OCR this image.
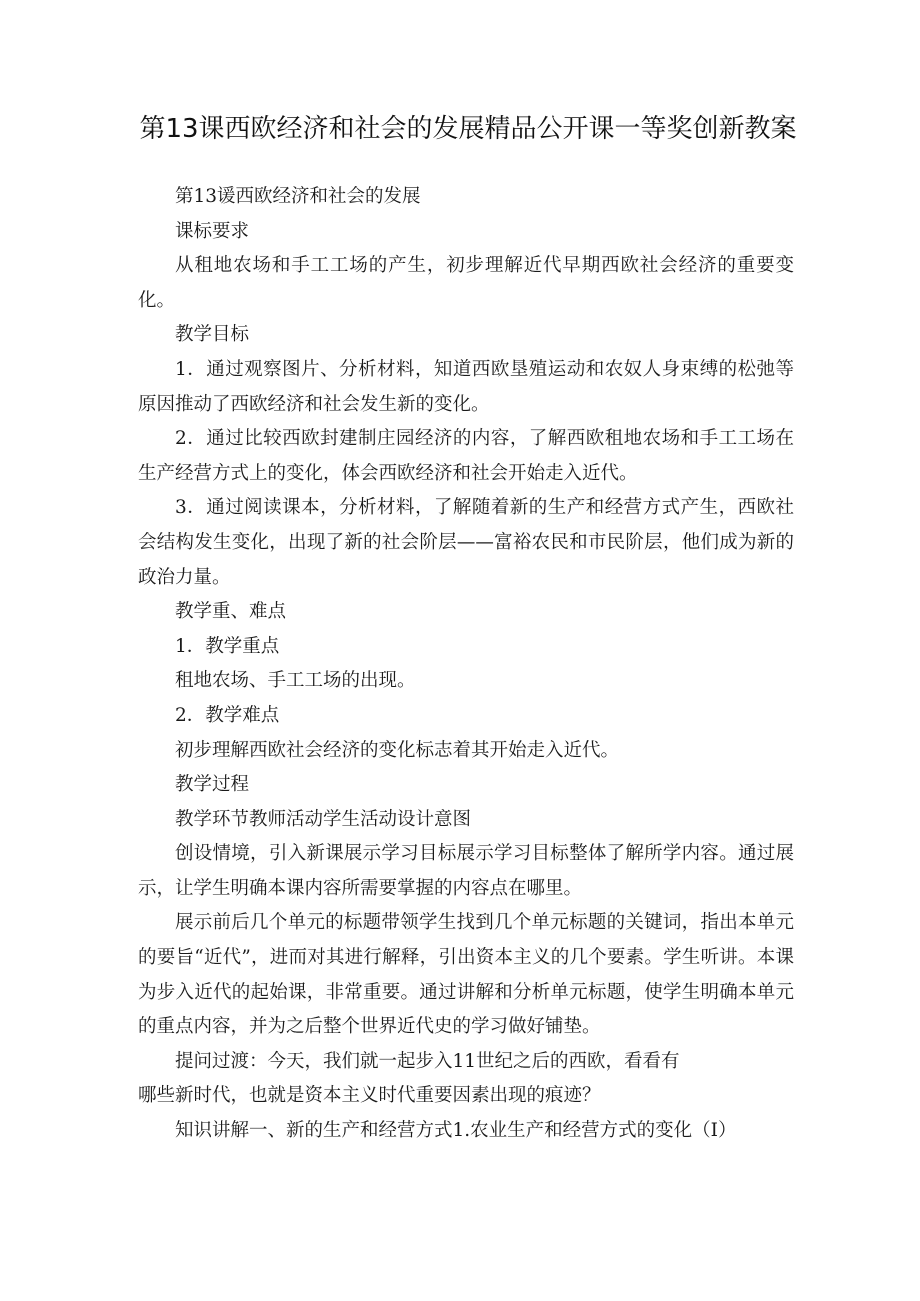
第13课西欧经济和社会的发展精品公开课一等奖创新教案

第13谖西欧经济和社会的发展

课标要求

从租地农场和手工工场的产生，初步理解近代早期西欧社会经济的重要变化。

教学目标

1．通过观察图片、分析材料，知道西欧垦殖运动和农奴人身束缚的松弛等原因推动了西欧经济和社会发生新的变化。

2．通过比较西欧封建制庄园经济的内容，了解西欧租地农场和手工工场在生产经营方式上的变化，体会西欧经济和社会开始走入近代。

3．通过阅读课本，分析材料，了解随着新的生产和经营方式产生，西欧社会结构发生变化，出现了新的社会阶层——富裕农民和市民阶层，他们成为新的政治力量。

教学重、难点

1．教学重点

租地农场、手工工场的出现。

2．教学难点

初步理解西欧社会经济的变化标志着其开始走入近代。

教学过程

教学环节教师活动学生活动设计意图

创设情境，引入新课展示学习目标展示学习目标整体了解所学内容。通过展示，让学生明确本课内容所需要掌握的内容点在哪里。

展示前后几个单元的标题带领学生找到几个单元标题的关键词，指出本单元的要旨“近代”，进而对其进行解释，引出资本主义的几个要素。学生听讲。本课为步入近代的起始课，非常重要。通过讲解和分析单元标题，使学生明确本单元的重点内容，并为之后整个世界近代史的学习做好铺垫。

提问过渡：今天，我们就一起步入11世纪之后的西欧，看看有

哪些新时代，也就是资本主义时代重要因素出现的痕迹？

知识讲解一、新的生产和经营方式1.农业生产和经营方式的变化（I）
